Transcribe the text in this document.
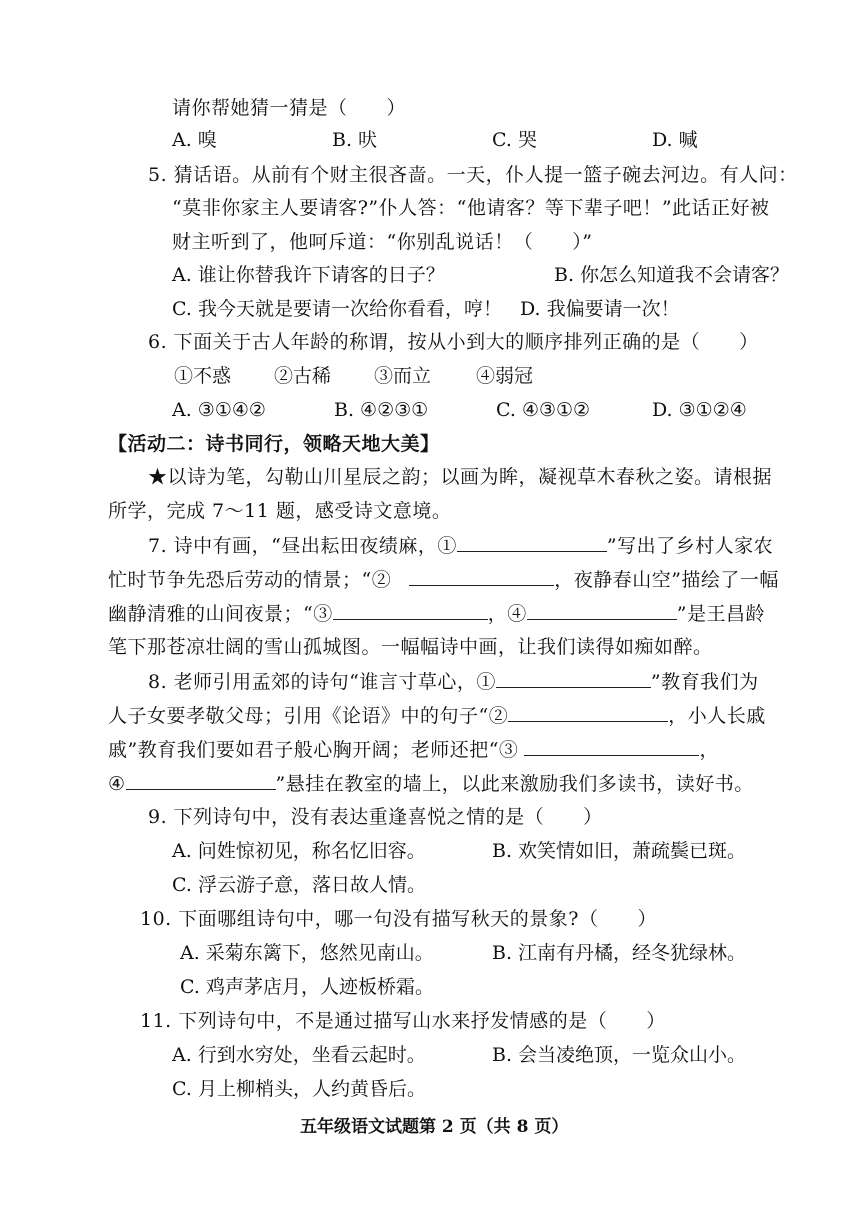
请你帮她猜一猜是（　　）
A. 嗅	B. 吠	C. 哭	D. 喊
5. 猜话语。从前有个财主很吝啬。一天，仆人提一篮子碗去河边。有人问：
“莫非你家主人要请客?”仆人答：“他请客？等下辈子吧！”此话正好被
财主听到了，他呵斥道：“你别乱说话！（　　）”
A. 谁让你替我许下请客的日子？	B. 你怎么知道我不会请客？
C. 我今天就是要请一次给你看看，哼！ D. 我偏要请一次！
6. 下面关于古人年龄的称谓，按从小到大的顺序排列正确的是（　　）
①不惑 ②古稀 ③而立 ④弱冠
A. ③①④②	B. ④②③①	C. ④③①②	D. ③①②④
【活动二：诗书同行，领略天地大美】
★以诗为笔，勾勒山川星辰之韵；以画为眸，凝视草木春秋之姿。请根据
所学，完成 7～11 题，感受诗文意境。
7. 诗中有画，“昼出耘田夜绩麻，①	”写出了乡村人家农
忙时节争先恐后劳动的情景；“②	，夜静春山空”描绘了一幅
幽静清雅的山间夜景；“③	，④	”是王昌龄
笔下那苍凉壮阔的雪山孤城图。一幅幅诗中画，让我们读得如痴如醉。
8. 老师引用孟郊的诗句“谁言寸草心，①	”教育我们为
人子女要孝敬父母；引用《论语》中的句子“②	，小人长戚
戚”教育我们要如君子般心胸开阔；老师还把“③	，
④	”悬挂在教室的墙上，以此来激励我们多读书，读好书。
9. 下列诗句中，没有表达重逢喜悦之情的是（　　）
A. 问姓惊初见，称名忆旧容。	B. 欢笑情如旧，萧疏鬓已斑。
C. 浮云游子意，落日故人情。
10. 下面哪组诗句中，哪一句没有描写秋天的景象?（　　）
A. 采菊东篱下，悠然见南山。	B. 江南有丹橘，经冬犹绿林。
C. 鸡声茅店月，人迹板桥霜。
11. 下列诗句中，不是通过描写山水来抒发情感的是（　　）
A. 行到水穷处，坐看云起时。	B. 会当凌绝顶，一览众山小。
C. 月上柳梢头，人约黄昏后。
五年级语文试题第 2 页（共 8 页）
